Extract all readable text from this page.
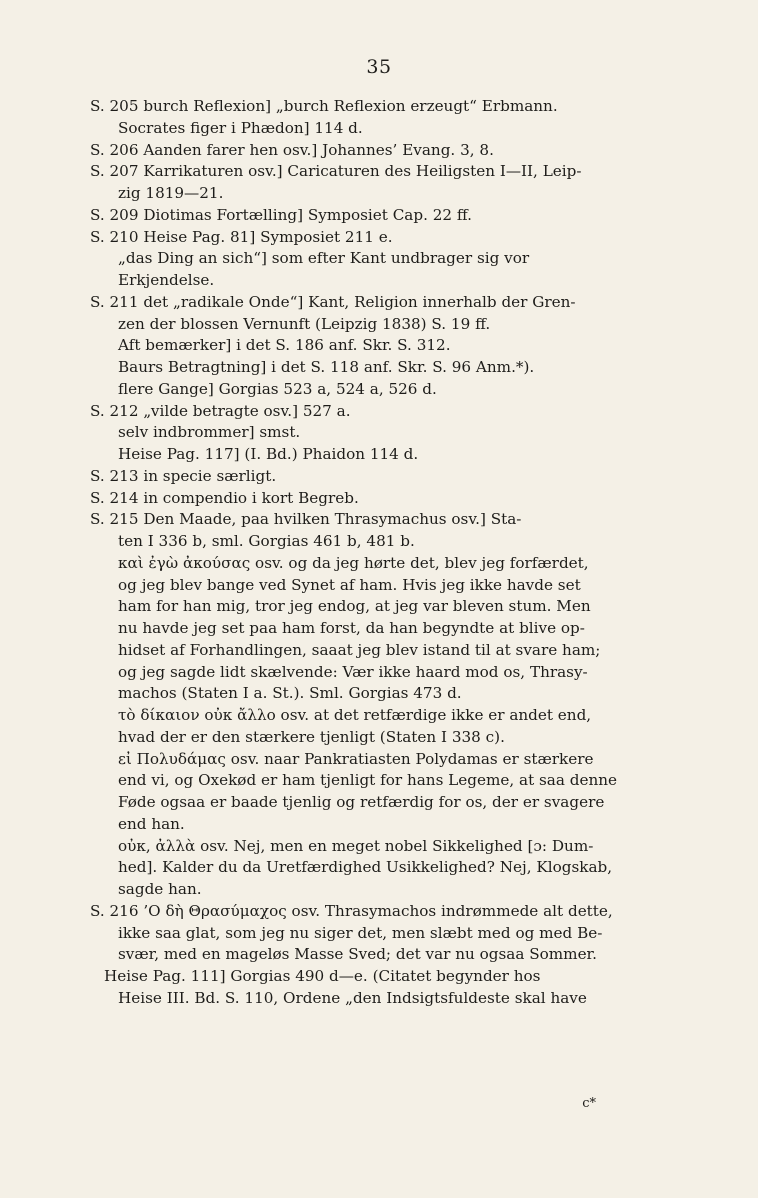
35
S. 205 burch Reflexion] „burch Reflexion erzeugt“ Erbmann.
Socrates figer i Phædon] 114 d.
S. 206 Aanden farer hen osv.] Johannes’ Evang. 3, 8.
S. 207 Karrikaturen osv.] Caricaturen des Heiligsten I—II, Leip-
zig 1819—21.
S. 209 Diotimas Fortælling] Symposiet Cap. 22 ff.
S. 210 Heise Pag. 81] Symposiet 211 e.
„das Ding an sich“] som efter Kant undbrager sig vor
Erkjendelse.
S. 211 det „radikale Onde“] Kant, Religion innerhalb der Gren-
zen der blossen Vernunft (Leipzig 1838) S. 19 ff.
Aft bemærker] i det S. 186 anf. Skr. S. 312.
Baurs Betragtning] i det S. 118 anf. Skr. S. 96 Anm.*).
flere Gange] Gorgias 523 a, 524 a, 526 d.
S. 212 „vilde betragte osv.] 527 a.
selv indbrommer] smst.
Heise Pag. 117] (I. Bd.) Phaidon 114 d.
S. 213 in specie særligt.
S. 214 in compendio i kort Begreb.
S. 215 Den Maade, paa hvilken Thrasymachus osv.] Sta-
ten I 336 b, sml. Gorgias 461 b, 481 b.
καὶ ἐγὼ ἀκούσας osv. og da jeg hørte det, blev jeg forfærdet,
og jeg blev bange ved Synet af ham. Hvis jeg ikke havde set
ham for han mig, tror jeg endog, at jeg var bleven stum. Men
nu havde jeg set paa ham forst, da han begyndte at blive op-
hidset af Forhandlingen, saaat jeg blev istand til at svare ham;
og jeg sagde lidt skælvende: Vær ikke haard mod os, Thrasy-
machos (Staten I a. St.). Sml. Gorgias 473 d.
τὸ δίκαιον οὐκ ἄλλο osv. at det retfærdige ikke er andet end,
hvad der er den stærkere tjenligt (Staten I 338 c).
εἰ Πολυδάμας osv. naar Pankratiasten Polydamas er stærkere
end vi, og Oxekød er ham tjenligt for hans Legeme, at saa denne
Føde ogsaa er baade tjenlig og retfærdig for os, der er svagere
end han.
οὐκ, ἀλλὰ osv. Nej, men en meget nobel Sikkelighed [ɔ: Dum-
hed]. Kalder du da Uretfærdighed Usikkelighed? Nej, Klogskab,
sagde han.
S. 216 ’Ο δὴ Θρασύμαχος osv. Thrasymachos indrømmede alt dette,
ikke saa glat, som jeg nu siger det, men slæbt med og med Be-
svær, med en mageløs Masse Sved; det var nu ogsaa Sommer.
Heise Pag. 111] Gorgias 490 d—e. (Citatet begynder hos
Heise III. Bd. S. 110, Ordene „den Indsigtsfuldeste skal have
c*
